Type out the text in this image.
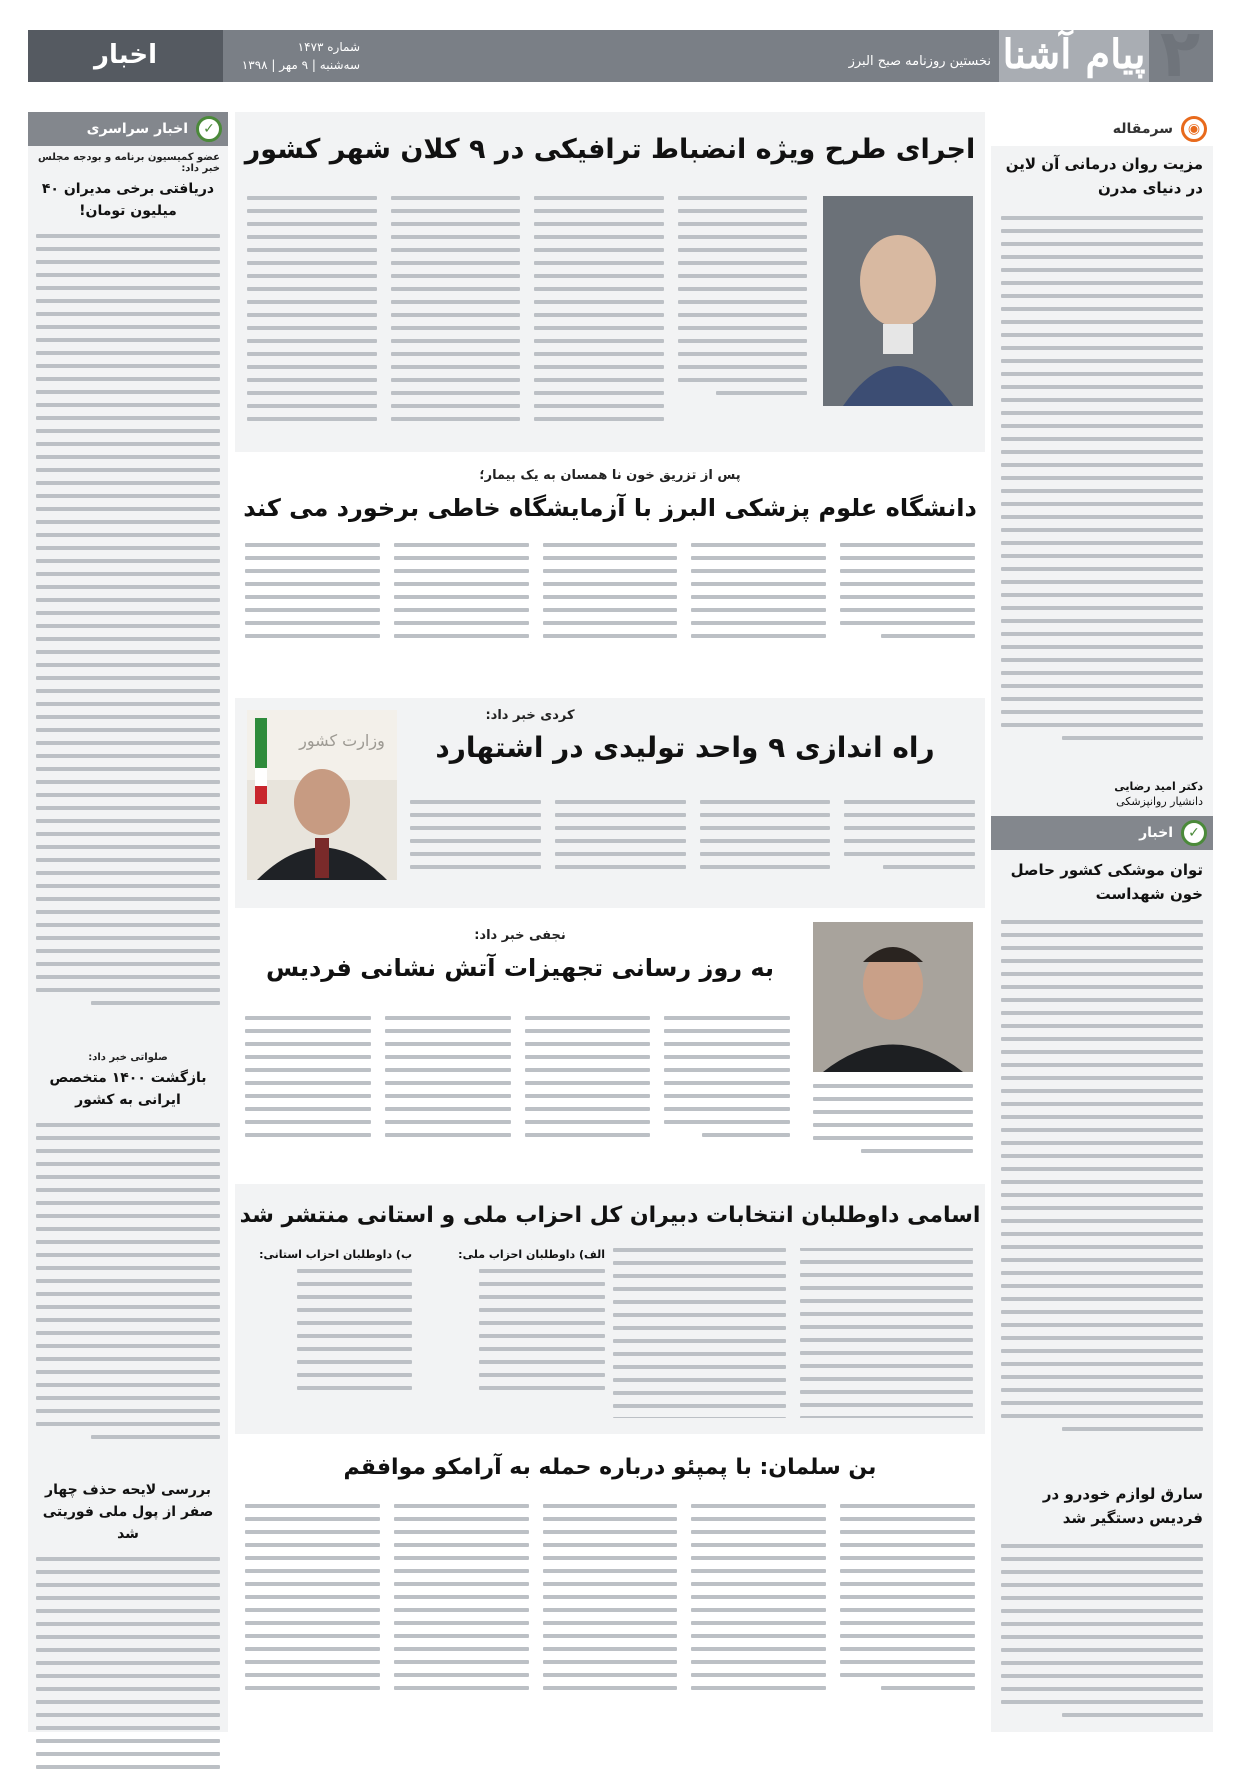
اخبار	شماره ۱۴۷۳
سه‌شنبه | ۹ مهر | ۱۳۹۸	نخستین روزنامه صبح البرز پیام آشنا ۲
◉
سرمقاله
مزیت روان درمانی آن لاین در دنیای مدرن
دکتر امید رضایی
دانشیار روانپزشکی
✓
اخبار
توان موشکی کشور حاصل خون شهداست
سارق لوازم خودرو در فردیس دستگیر شد
✓
اخبار سراسری
عضو کمیسیون برنامه و بودجه مجلس خبر داد:
دریافتی برخی مدیران ۴۰ میلیون تومان!
صلواتی خبر داد:
بازگشت ۱۴۰۰ متخصص ایرانی به کشور
بررسی لایحه حذف چهار صفر از پول ملی فوریتی شد
اجرای طرح ویژه انضباط ترافیکی در ۹ کلان شهر کشور
پس از تزریق خون نا همسان به یک بیمار؛
دانشگاه علوم پزشکی البرز با آزمایشگاه خاطی برخورد می کند
کردی خبر داد:
راه اندازی ۹ واحد تولیدی در اشتهارد
وزارت کشور
نجفی خبر داد:
به روز رسانی تجهیزات آتش نشانی فردیس
اسامی داوطلبان انتخابات دبیران کل احزاب ملی و استانی منتشر شد
الف) داوطلبان احزاب ملی:
ب) داوطلبان احزاب استانی:
بن سلمان: با پمپئو درباره حمله به آرامکو موافقم
